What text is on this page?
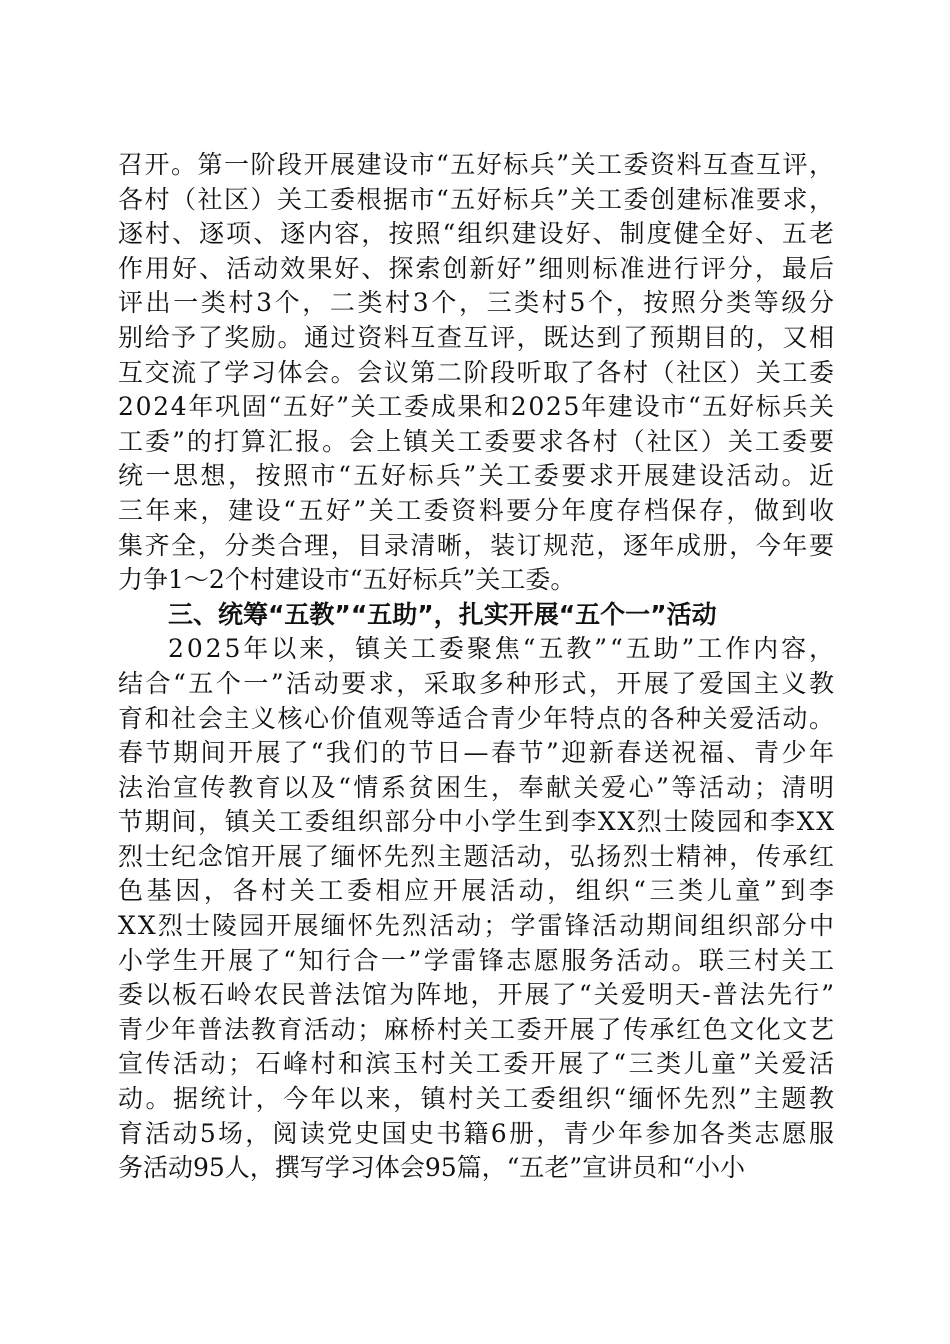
召开。第一阶段开展建设市“五好标兵”关工委资料互查互评，
各村（社区）关工委根据市“五好标兵”关工委创建标准要求，
逐村、逐项、逐内容，按照“组织建设好、制度健全好、五老
作用好、活动效果好、探索创新好”细则标准进行评分，最后
评出一类村3个，二类村3个，三类村5个，按照分类等级分
别给予了奖励。通过资料互查互评，既达到了预期目的，又相
互交流了学习体会。会议第二阶段听取了各村（社区）关工委
2024年巩固“五好”关工委成果和2025年建设市“五好标兵关
工委”的打算汇报。会上镇关工委要求各村（社区）关工委要
统一思想，按照市“五好标兵”关工委要求开展建设活动。近
三年来，建设“五好”关工委资料要分年度存档保存，做到收
集齐全，分类合理，目录清晰，装订规范，逐年成册，今年要
力争1～2个村建设市“五好标兵”关工委。
三、统筹“五教”“五助”，扎实开展“五个一”活动
2025年以来，镇关工委聚焦“五教”“五助”工作内容，
结合“五个一”活动要求，采取多种形式，开展了爱国主义教
育和社会主义核心价值观等适合青少年特点的各种关爱活动。
春节期间开展了“我们的节日—春节”迎新春送祝福、青少年
法治宣传教育以及“情系贫困生，奉献关爱心”等活动；清明
节期间，镇关工委组织部分中小学生到李XX烈士陵园和李XX
烈士纪念馆开展了缅怀先烈主题活动，弘扬烈士精神，传承红
色基因，各村关工委相应开展活动，组织“三类儿童”到李
XX烈士陵园开展缅怀先烈活动；学雷锋活动期间组织部分中
小学生开展了“知行合一”学雷锋志愿服务活动。联三村关工
委以板石岭农民普法馆为阵地，开展了“关爱明天-普法先行”
青少年普法教育活动；麻桥村关工委开展了传承红色文化文艺
宣传活动；石峰村和滨玉村关工委开展了“三类儿童”关爱活
动。据统计，今年以来，镇村关工委组织“缅怀先烈”主题教
育活动5场，阅读党史国史书籍6册，青少年参加各类志愿服
务活动95人，撰写学习体会95篇，“五老”宣讲员和“小小
